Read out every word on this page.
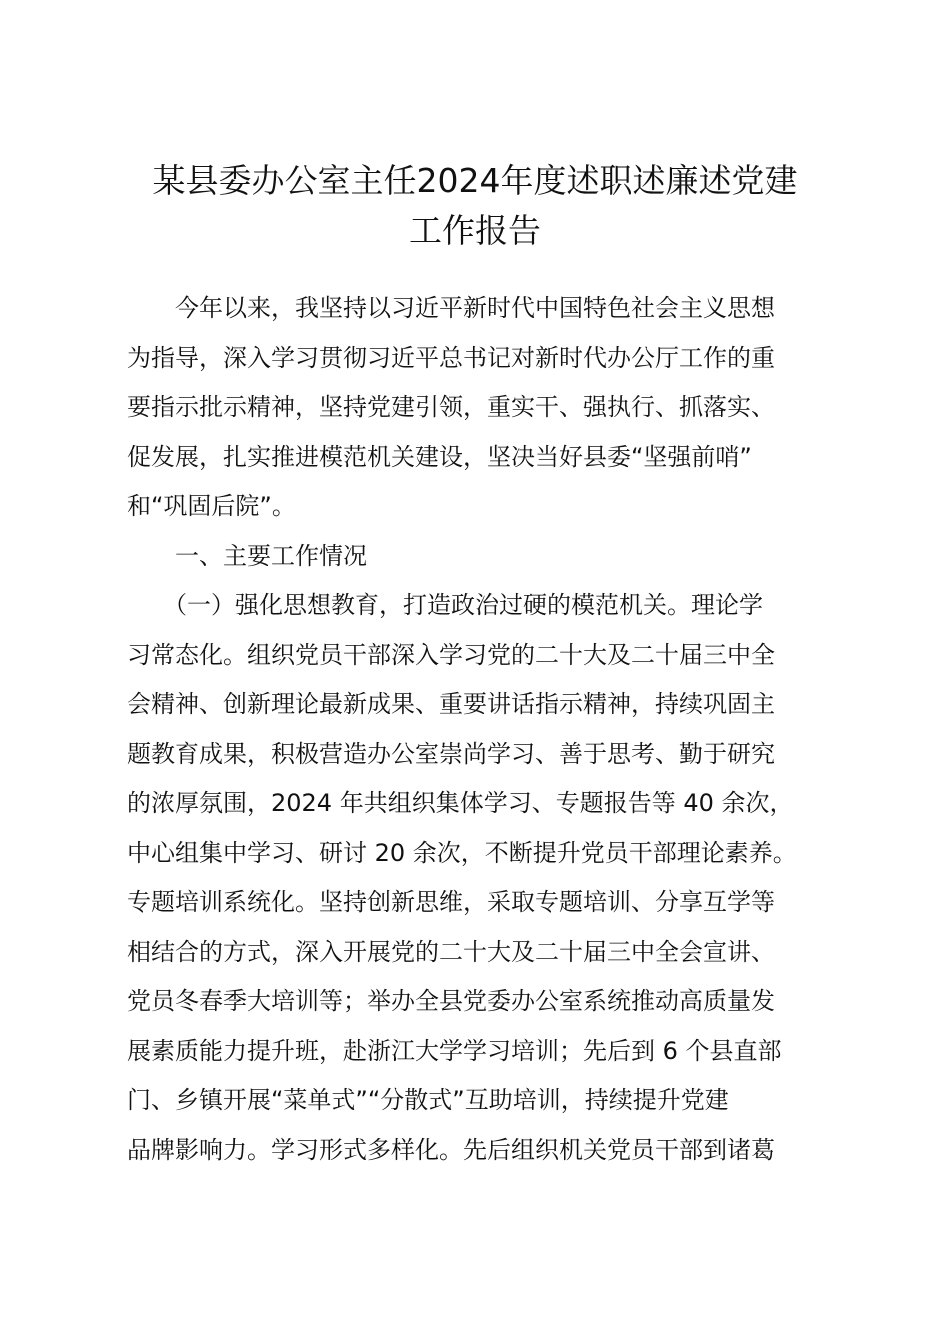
某县委办公室主任2024年度述职述廉述党建
工作报告
　　今年以来，我坚持以习近平新时代中国特色社会主义思想
为指导，深入学习贯彻习近平总书记对新时代办公厅工作的重
要指示批示精神，坚持党建引领，重实干、强执行、抓落实、
促发展，扎实推进模范机关建设，坚决当好县委“坚强前哨”
和“巩固后院”。
　　一、主要工作情况
　　（一）强化思想教育，打造政治过硬的模范机关。理论学
习常态化。组织党员干部深入学习党的二十大及二十届三中全
会精神、创新理论最新成果、重要讲话指示精神，持续巩固主
题教育成果，积极营造办公室崇尚学习、善于思考、勤于研究
的浓厚氛围，2024 年共组织集体学习、专题报告等 40 余次，
中心组集中学习、研讨 20 余次，不断提升党员干部理论素养。
专题培训系统化。坚持创新思维，采取专题培训、分享互学等
相结合的方式，深入开展党的二十大及二十届三中全会宣讲、
党员冬春季大培训等；举办全县党委办公室系统推动高质量发
展素质能力提升班，赴浙江大学学习培训；先后到 6 个县直部
门、乡镇开展“菜单式”“分散式”互助培训，持续提升党建
品牌影响力。学习形式多样化。先后组织机关党员干部到诸葛
